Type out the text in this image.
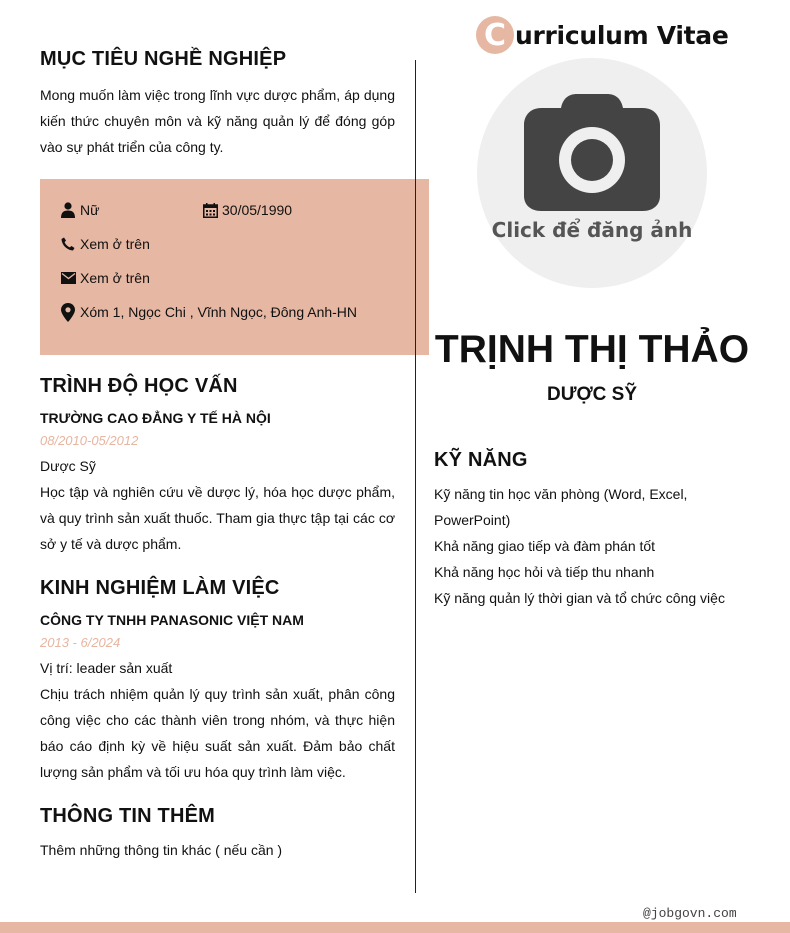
MỤC TIÊU NGHỀ NGHIỆP
Mong muốn làm việc trong lĩnh vực dược phẩm, áp dụng kiến thức chuyên môn và kỹ năng quản lý để đóng góp vào sự phát triển của công ty.
Nữ	30/05/1990
Xem ở trên
Xem ở trên
Xóm 1, Ngọc Chi , Vĩnh Ngọc, Đông Anh-HN
TRÌNH ĐỘ HỌC VẤN
TRƯỜNG CAO ĐẲNG Y TẾ HÀ NỘI
08/2010-05/2012
Dược Sỹ
Học tập và nghiên cứu về dược lý, hóa học dược phẩm, và quy trình sản xuất thuốc. Tham gia thực tập tại các cơ sở y tế và dược phẩm.
KINH NGHIỆM LÀM VIỆC
CÔNG TY TNHH PANASONIC VIỆT NAM
2013 - 6/2024
Vị trí: leader sản xuất
Chịu trách nhiệm quản lý quy trình sản xuất, phân công công việc cho các thành viên trong nhóm, và thực hiện báo cáo định kỳ về hiệu suất sản xuất. Đảm bảo chất lượng sản phẩm và tối ưu hóa quy trình làm việc.
THÔNG TIN THÊM
Thêm những thông tin khác ( nếu cần )
C urriculum Vitae
Click để đăng ảnh
TRỊNH THỊ THẢO
DƯỢC SỸ
KỸ NĂNG
Kỹ năng tin học văn phòng (Word, Excel, PowerPoint)
Khả năng giao tiếp và đàm phán tốt
Khả năng học hỏi và tiếp thu nhanh
Kỹ năng quản lý thời gian và tổ chức công việc
@jobgovn.com
